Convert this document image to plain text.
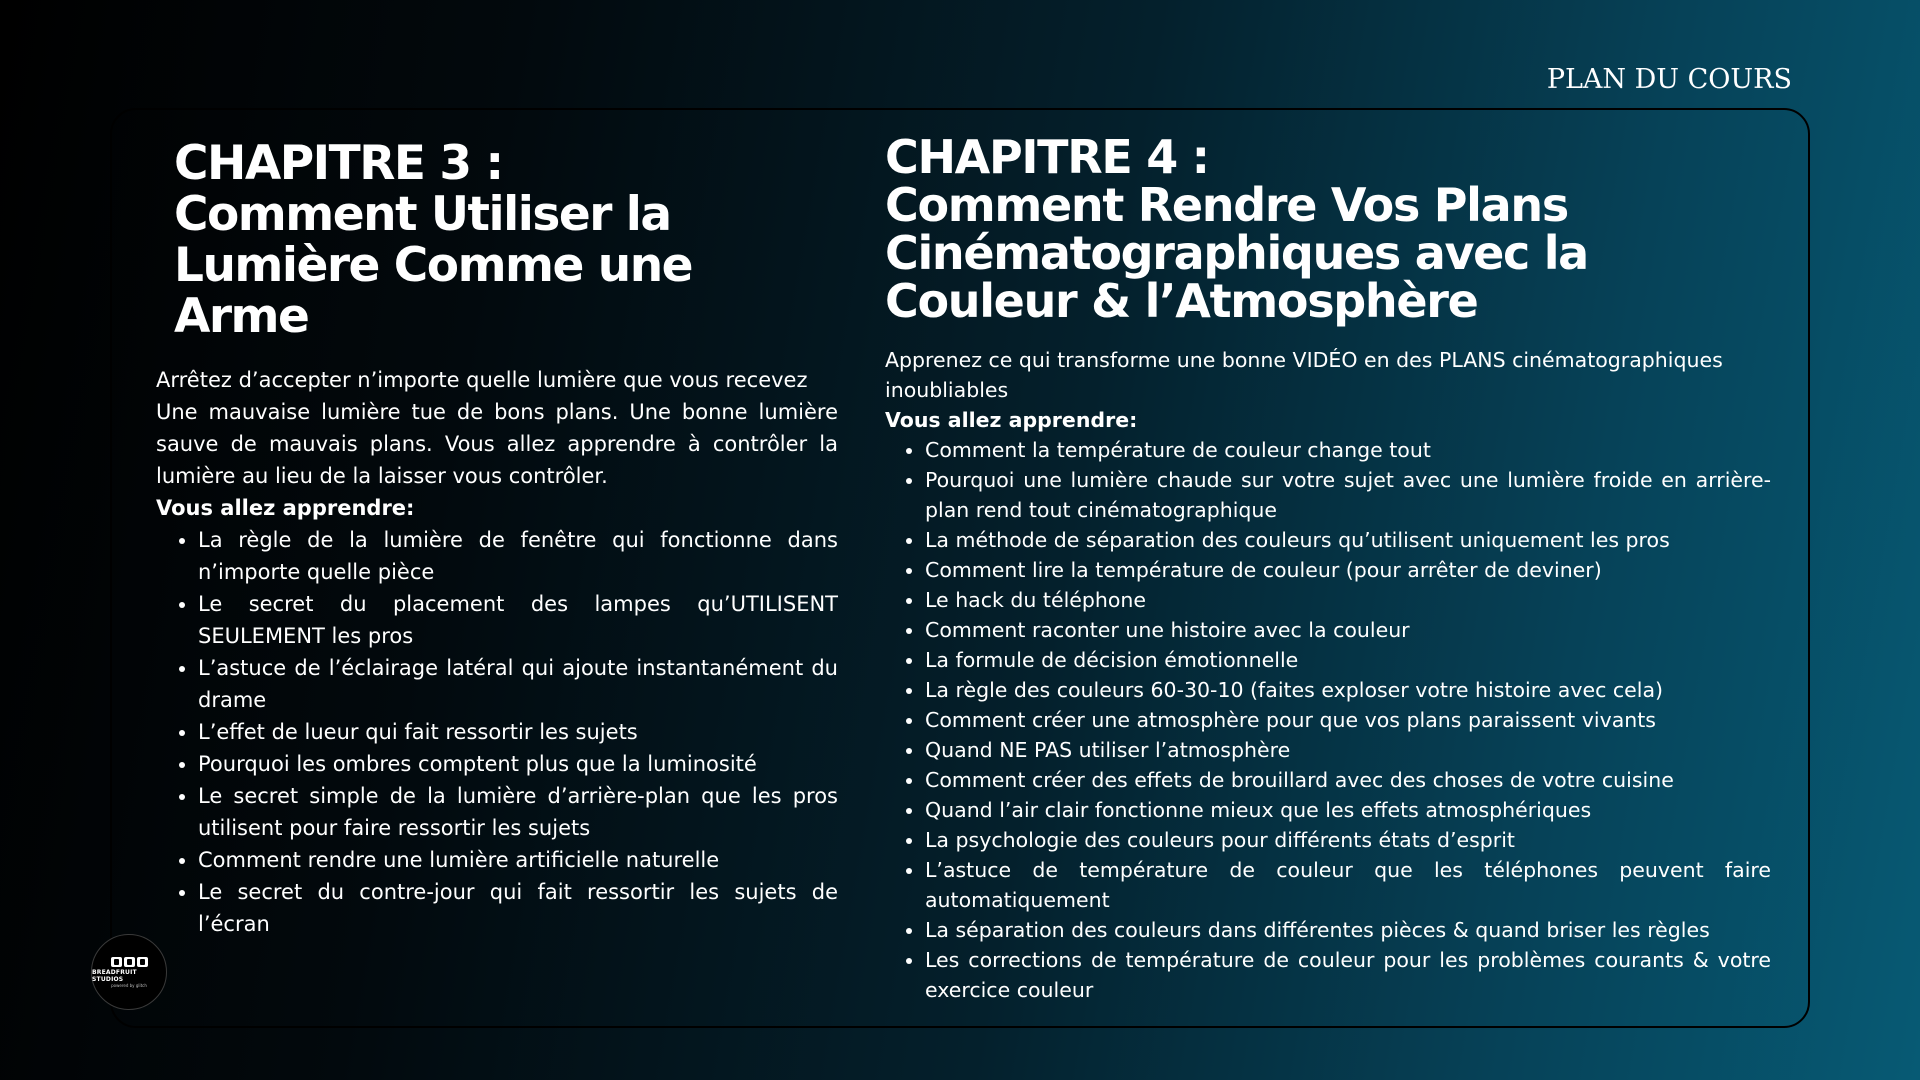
PLAN DU COURS
CHAPITRE 3 :
Comment Utiliser la
Lumière Comme une
Arme

Arrêtez d’accepter n’importe quelle lumière que vous recevez

Une mauvaise lumière tue de bons plans. Une bonne lumière sauve de mauvais plans. Vous allez apprendre à contrôler la lumière au lieu de la laisser vous contrôler.

Vous allez apprendre:
• La règle de la lumière de fenêtre qui fonctionne dans n’importe quelle pièce
• Le secret du placement des lampes qu’UTILISENT SEULEMENT les pros
• L’astuce de l’éclairage latéral qui ajoute instantanément du drame
• L’effet de lueur qui fait ressortir les sujets
• Pourquoi les ombres comptent plus que la luminosité
• Le secret simple de la lumière d’arrière-plan que les pros utilisent pour faire ressortir les sujets
• Comment rendre une lumière artificielle naturelle
• Le secret du contre-jour qui fait ressortir les sujets de l’écran
CHAPITRE 4 :
Comment Rendre Vos Plans
Cinématographiques avec la
Couleur & l’Atmosphère

Apprenez ce qui transforme une bonne VIDÉO en des PLANS cinématographiques inoubliables

Vous allez apprendre:
• Comment la température de couleur change tout
• Pourquoi une lumière chaude sur votre sujet avec une lumière froide en arrière-plan rend tout cinématographique
• La méthode de séparation des couleurs qu’utilisent uniquement les pros
• Comment lire la température de couleur (pour arrêter de deviner)
• Le hack du téléphone
• Comment raconter une histoire avec la couleur
• La formule de décision émotionnelle
• La règle des couleurs 60-30-10 (faites exploser votre histoire avec cela)
• Comment créer une atmosphère pour que vos plans paraissent vivants
• Quand NE PAS utiliser l’atmosphère
• Comment créer des effets de brouillard avec des choses de votre cuisine
• Quand l’air clair fonctionne mieux que les effets atmosphériques
• La psychologie des couleurs pour différents états d’esprit
• L’astuce de température de couleur que les téléphones peuvent faire automatiquement
• La séparation des couleurs dans différentes pièces & quand briser les règles
• Les corrections de température de couleur pour les problèmes courants & votre exercice couleur
BREADFRUIT STUDIOS
powered by glitch
